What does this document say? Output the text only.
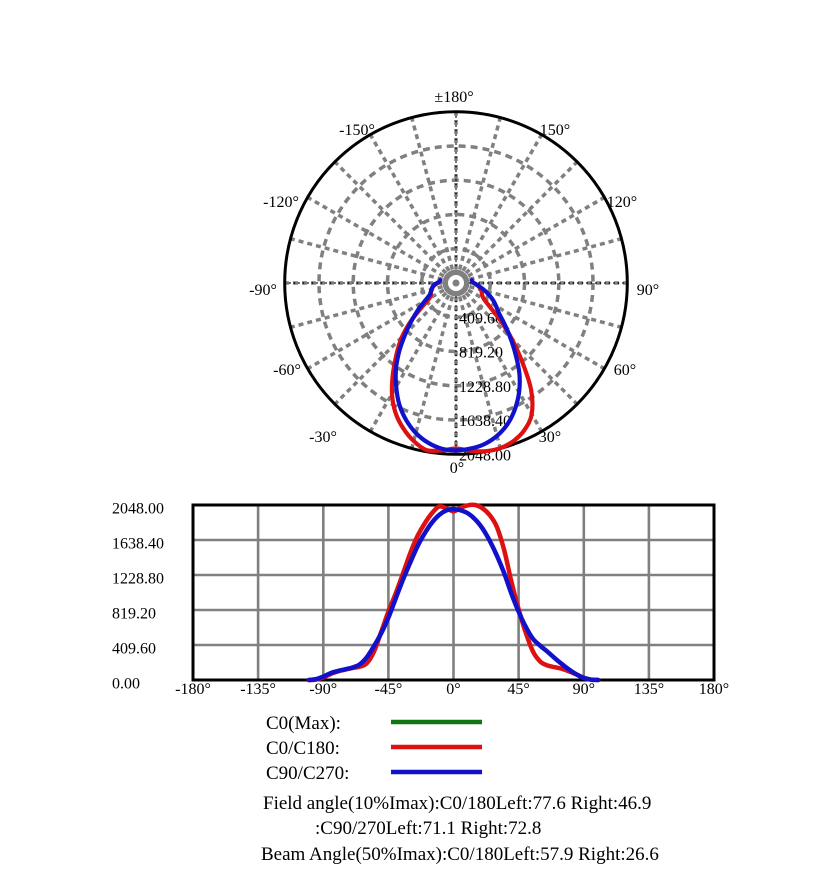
409.60
819.20
1228.80
1638.40
2048.00
±180°
-150°
-120°
-90°
-60°
-30°
0°
30°
60°
90°
120°
150°
-180° -135° -90° -45°	0°	45°	90° 135° 180°
0.00
409.60
819.20
1228.80
1638.40
2048.00
C0(Max):
C0/C180:
C90/C270:
Field angle(10%Imax):C0/180Left:77.6 Right:46.9
:C90/270Left:71.1 Right:72.8
Beam Angle(50%Imax):C0/180Left:57.9 Right:26.6
